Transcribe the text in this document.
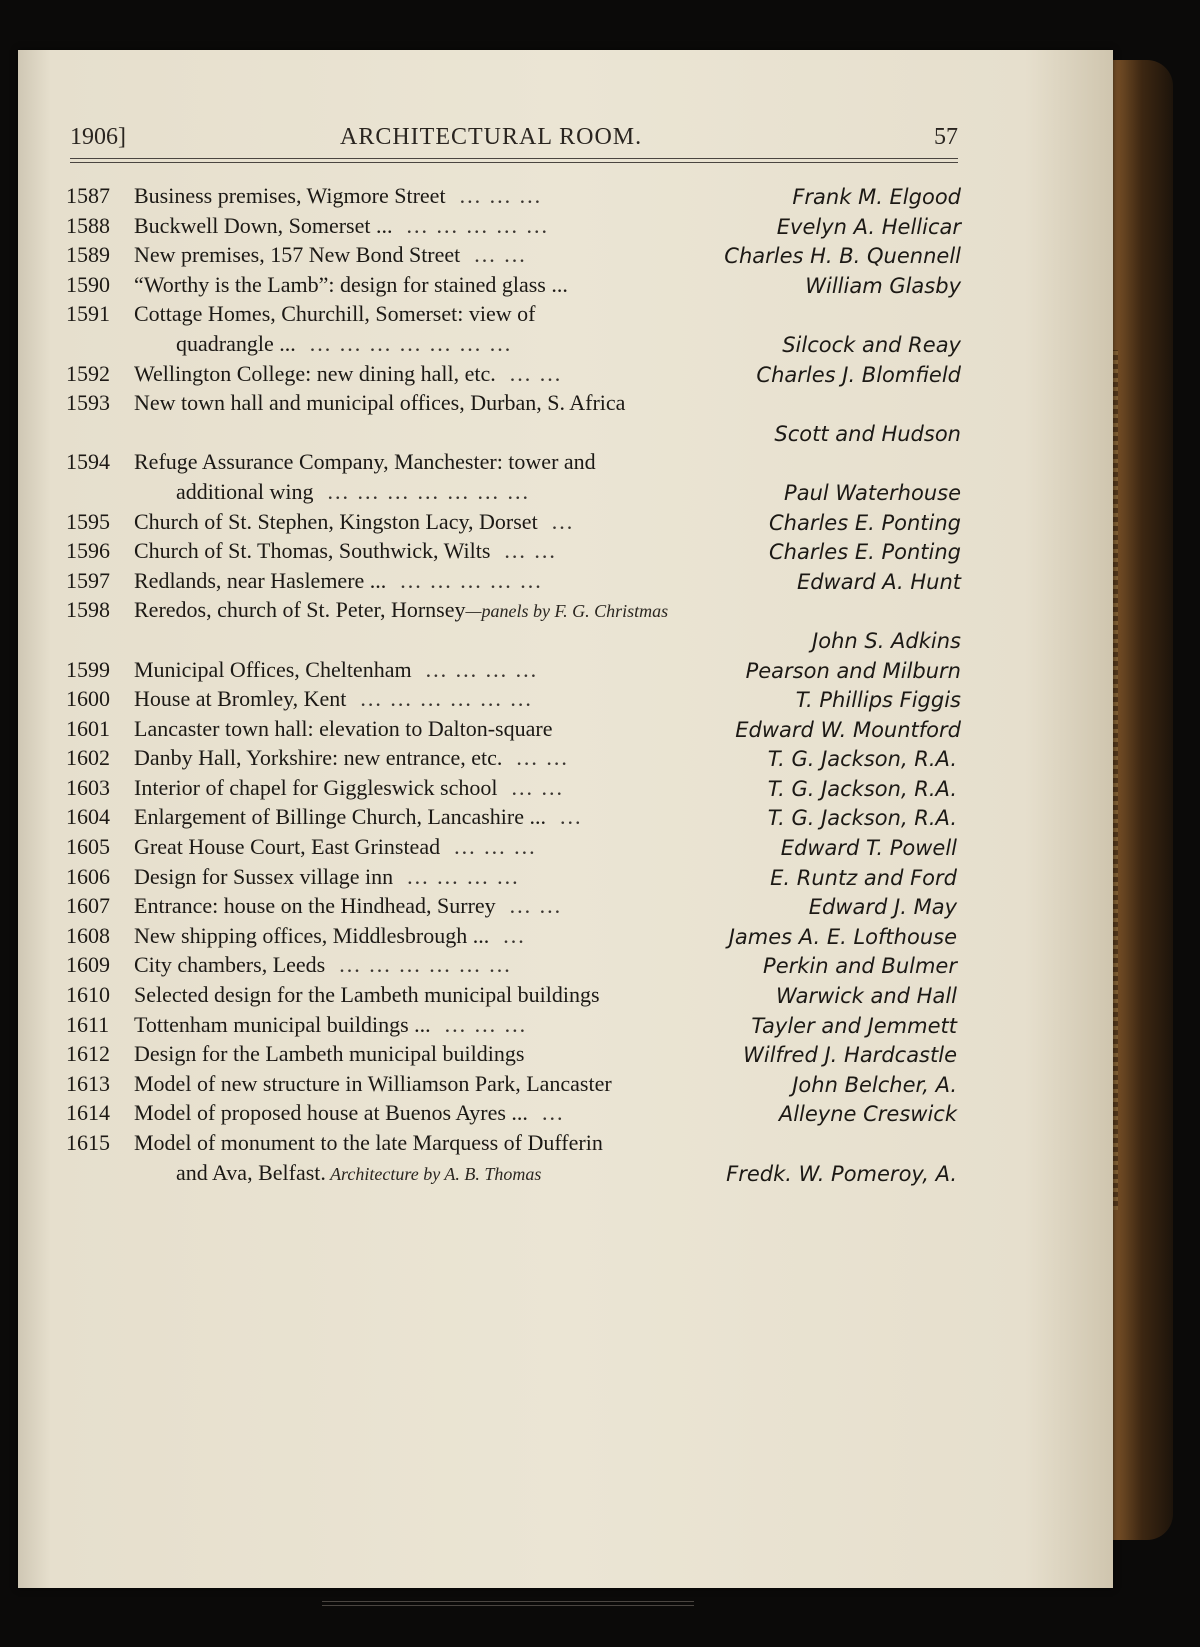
1906]	ARCHITECTURAL ROOM.	57
1587 Business premises, Wigmore Street ... ... ...	Frank M. Elgood
1588 Buckwell Down, Somerset ... ... ... ... ... ...	Evelyn A. Hellicar
1589 New premises, 157 New Bond Street ... ...	Charles H. B. Quennell
1590 “Worthy is the Lamb”: design for stained glass ...	William Glasby
1591 Cottage Homes, Churchill, Somerset: view of
quadrangle ... ... ... ... ... ... ... ...	Silcock and Reay
1592 Wellington College: new dining hall, etc. ... ...	Charles J. Blomfield
1593 New town hall and municipal offices, Durban, S. Africa
Scott and Hudson
1594 Refuge Assurance Company, Manchester: tower and
additional wing ... ... ... ... ... ... ...	Paul Waterhouse
1595 Church of St. Stephen, Kingston Lacy, Dorset ...	Charles E. Ponting
1596 Church of St. Thomas, Southwick, Wilts ... ...	Charles E. Ponting
1597 Redlands, near Haslemere ... ... ... ... ... ...	Edward A. Hunt
1598 Reredos, church of St. Peter, Hornsey—panels by F. G. Christmas
John S. Adkins
1599 Municipal Offices, Cheltenham ... ... ... ...	Pearson and Milburn
1600 House at Bromley, Kent ... ... ... ... ... ...	T. Phillips Figgis
1601 Lancaster town hall: elevation to Dalton-square	Edward W. Mountford
1602 Danby Hall, Yorkshire: new entrance, etc. ... ...	T. G. Jackson, R.A.
1603 Interior of chapel for Giggleswick school ... ...	T. G. Jackson, R.A.
1604 Enlargement of Billinge Church, Lancashire ... ...	T. G. Jackson, R.A.
1605 Great House Court, East Grinstead ... ... ...	Edward T. Powell
1606 Design for Sussex village inn ... ... ... ...	E. Runtz and Ford
1607 Entrance: house on the Hindhead, Surrey ... ...	Edward J. May
1608 New shipping offices, Middlesbrough ... ...	James A. E. Lofthouse
1609 City chambers, Leeds ... ... ... ... ... ...	Perkin and Bulmer
1610 Selected design for the Lambeth municipal buildings	Warwick and Hall
1611 Tottenham municipal buildings ... ... ... ...	Tayler and Jemmett
1612 Design for the Lambeth municipal buildings	Wilfred J. Hardcastle
1613 Model of new structure in Williamson Park, Lancaster	John Belcher, A.
1614 Model of proposed house at Buenos Ayres ... ...	Alleyne Creswick
1615 Model of monument to the late Marquess of Dufferin
and Ava, Belfast. Architecture by A. B. Thomas	Fredk. W. Pomeroy, A.
